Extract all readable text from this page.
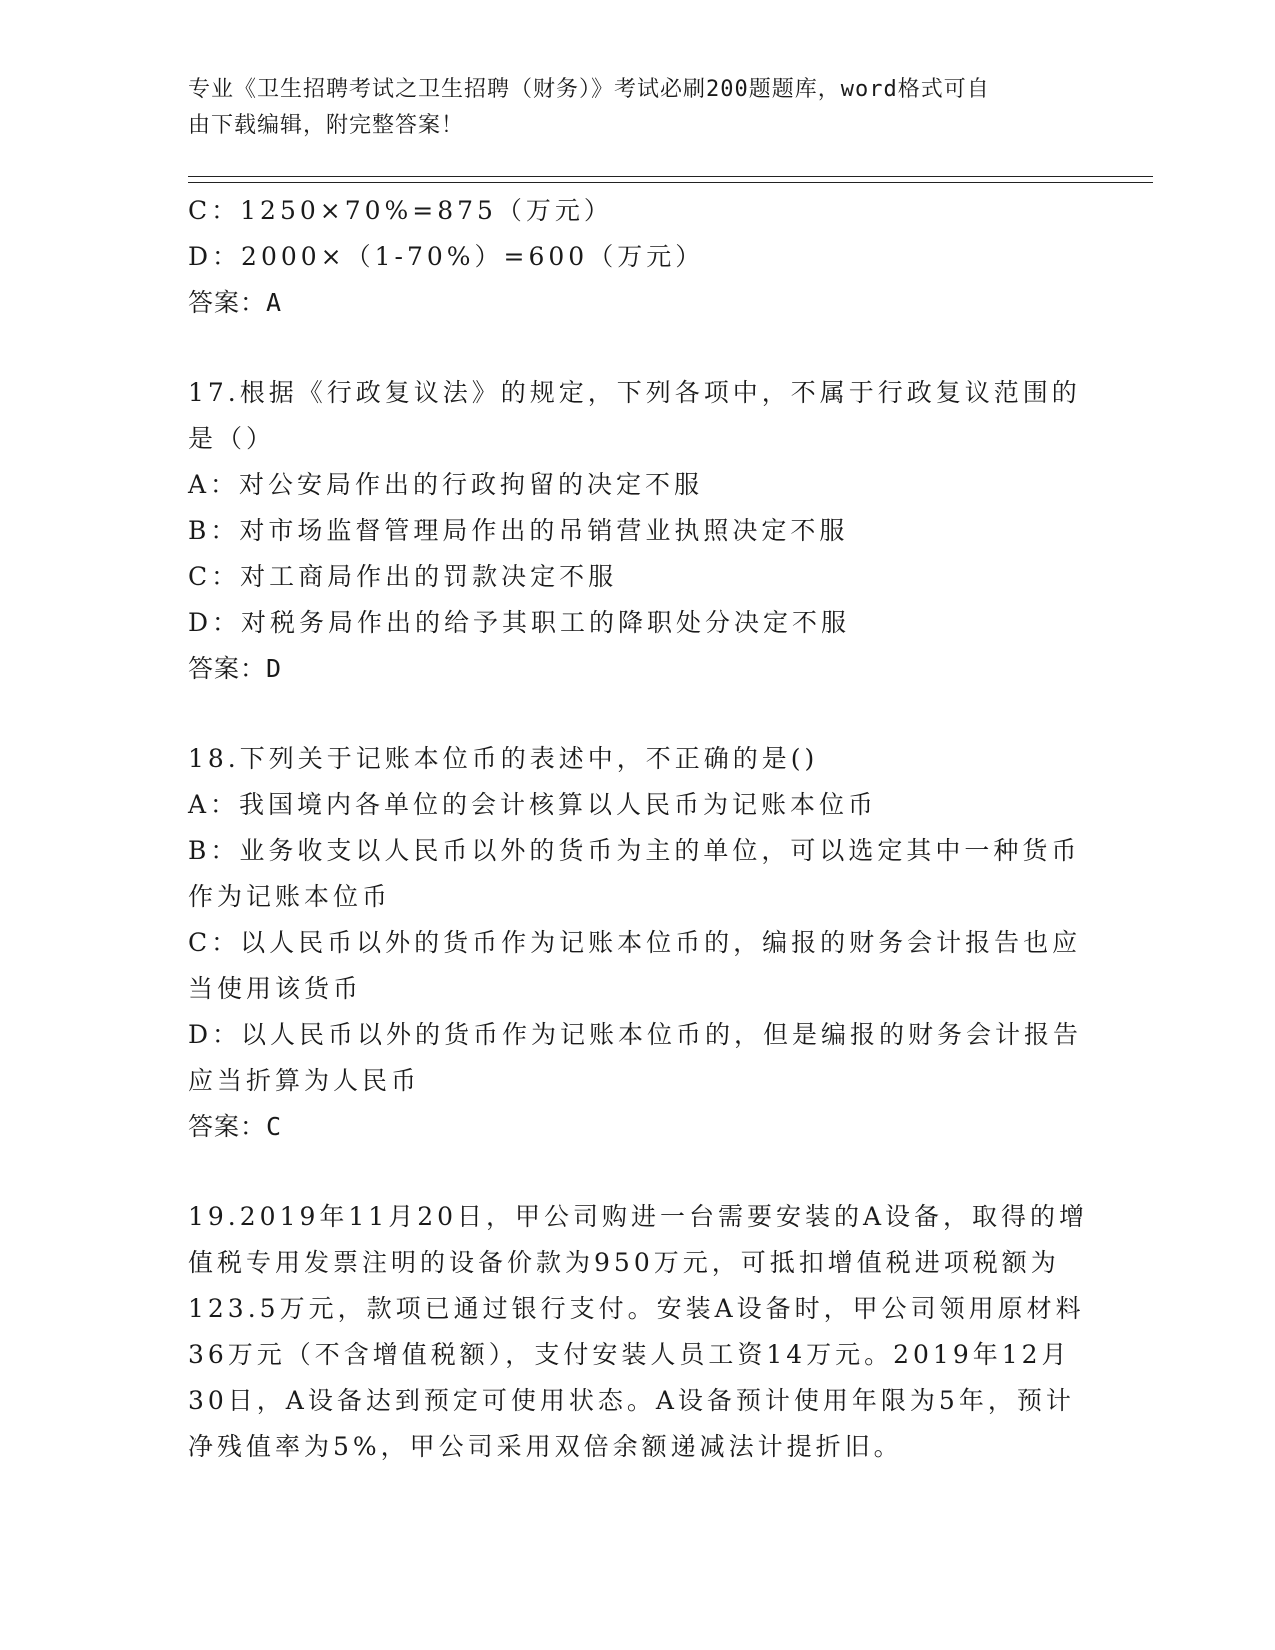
专业《卫生招聘考试之卫生招聘（财务）》考试必刷200题题库，word格式可自
由下载编辑，附完整答案！
C：1250×70%=875（万元）
D：2000×（1-70%）=600（万元）
答案：A
17.根据《行政复议法》的规定，下列各项中，不属于行政复议范围的
是（）
A：对公安局作出的行政拘留的决定不服
B：对市场监督管理局作出的吊销营业执照决定不服
C：对工商局作出的罚款决定不服
D：对税务局作出的给予其职工的降职处分决定不服
答案：D
18.下列关于记账本位币的表述中，不正确的是()
A：我国境内各单位的会计核算以人民币为记账本位币
B：业务收支以人民币以外的货币为主的单位，可以选定其中一种货币
作为记账本位币
C：以人民币以外的货币作为记账本位币的，编报的财务会计报告也应
当使用该货币
D：以人民币以外的货币作为记账本位币的，但是编报的财务会计报告
应当折算为人民币
答案：C
19.2019年11月20日，甲公司购进一台需要安装的A设备，取得的增
值税专用发票注明的设备价款为950万元，可抵扣增值税进项税额为
123.5万元，款项已通过银行支付。安装A设备时，甲公司领用原材料
36万元（不含增值税额），支付安装人员工资14万元。2019年12月
30日，A设备达到预定可使用状态。A设备预计使用年限为5年，预计
净残值率为5%，甲公司采用双倍余额递减法计提折旧。
